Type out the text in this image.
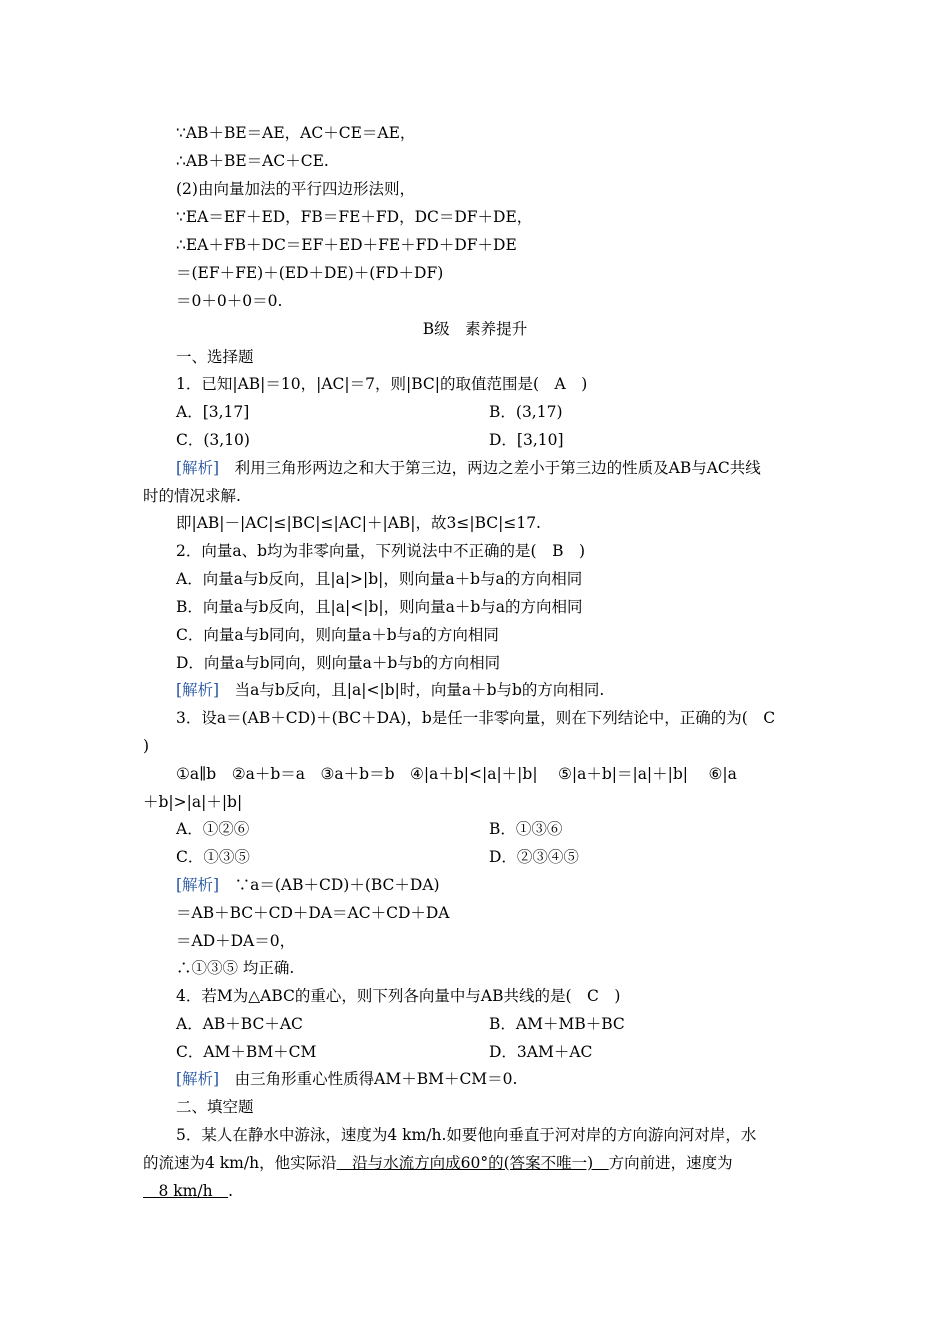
∵AB＋BE＝AE，AC＋CE＝AE，
∴AB＋BE＝AC＋CE.
(2)由向量加法的平行四边形法则，
∵EA＝EF＋ED，FB＝FE＋FD，DC＝DF＋DE，
∴EA＋FB＋DC＝EF＋ED＋FE＋FD＋DF＋DE
＝(EF＋FE)＋(ED＋DE)＋(FD＋DF)
＝0＋0＋0＝0.
B级　素养提升
一、选择题
1．已知|AB|＝10，|AC|＝7，则|BC|的取值范围是(　A　)
A．[3,17]	B．(3,17)
C．(3,10)	D．[3,10]
[解析]　 利用三角形两边之和大于第三边，两边之差小于第三边的性质及AB与AC共线
时的情况求解.
即|AB|－|AC|≤|BC|≤|AC|＋|AB|，故3≤|BC|≤17.
2．向量a、b均为非零向量，下列说法中不正确的是(　B　)
A．向量a与b反向，且|a|>|b|，则向量a＋b与a的方向相同
B．向量a与b反向，且|a|<|b|，则向量a＋b与a的方向相同
C．向量a与b同向，则向量a＋b与a的方向相同
D．向量a与b同向，则向量a＋b与b的方向相同
[解析]　 当a与b反向，且|a|<|b|时，向量a＋b与b的方向相同.
3．设a＝(AB＋CD)＋(BC＋DA)，b是任一非零向量，则在下列结论中，正确的为(　C
)
①a∥b　②a＋b＝a　③a＋b＝b　④|a＋b|<|a|＋|b|　 ⑤|a＋b|＝|a|＋|b|　 ⑥|a
＋b|>|a|＋|b|
A．①②⑥	B．①③⑥
C．①③⑤	D．②③④⑤
[解析]　 ∵a＝(AB＋CD)＋(BC＋DA)
＝AB＋BC＋CD＋DA＝AC＋CD＋DA
＝AD＋DA＝0，
∴①③⑤ 均正确.
4．若M为△ABC的重心，则下列各向量中与AB共线的是(　C　)
A．AB＋BC＋AC	B．AM＋MB＋BC
C．AM＋BM＋CM	D．3AM＋AC
[解析]　 由三角形重心性质得AM＋BM＋CM＝0.
二、填空题
5．某人在静水中游泳，速度为4 km/h.如要他向垂直于河对岸的方向游向河对岸，水
的流速为4 km/h，他实际沿　沿与水流方向成60°的(答案不唯一)　方向前进，速度为
　8 km/h　.
